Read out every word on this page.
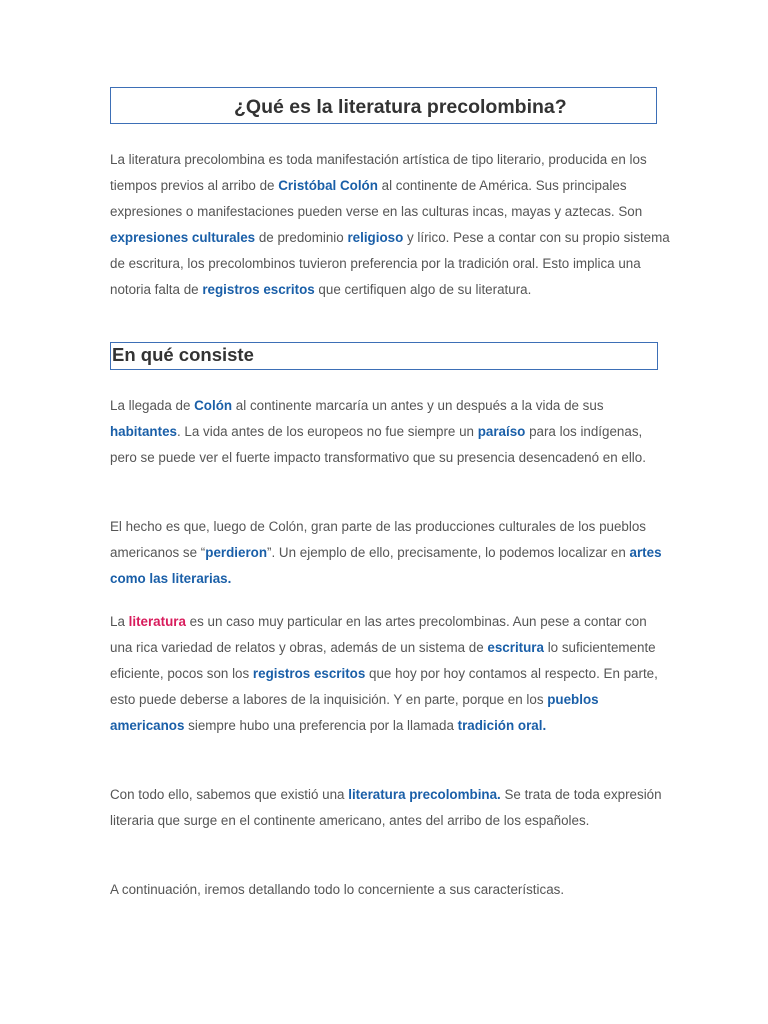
¿Qué es la literatura precolombina?

La literatura precolombina es toda manifestación artística de tipo literario, producida en los tiempos previos al arribo de Cristóbal Colón al continente de América. Sus principales expresiones o manifestaciones pueden verse en las culturas incas, mayas y aztecas. Son expresiones culturales de predominio religioso y lírico. Pese a contar con su propio sistema de escritura, los precolombinos tuvieron preferencia por la tradición oral. Esto implica una notoria falta de registros escritos que certifiquen algo de su literatura.

En qué consiste

La llegada de Colón al continente marcaría un antes y un después a la vida de sus habitantes. La vida antes de los europeos no fue siempre un paraíso para los indígenas, pero se puede ver el fuerte impacto transformativo que su presencia desencadenó en ello.

El hecho es que, luego de Colón, gran parte de las producciones culturales de los pueblos americanos se “perdieron”. Un ejemplo de ello, precisamente, lo podemos localizar en artes como las literarias.

La literatura es un caso muy particular en las artes precolombinas. Aun pese a contar con una rica variedad de relatos y obras, además de un sistema de escritura lo suficientemente eficiente, pocos son los registros escritos que hoy por hoy contamos al respecto. En parte, esto puede deberse a labores de la inquisición. Y en parte, porque en los pueblos americanos siempre hubo una preferencia por la llamada tradición oral.

Con todo ello, sabemos que existió una literatura precolombina. Se trata de toda expresión literaria que surge en el continente americano, antes del arribo de los españoles.

A continuación, iremos detallando todo lo concerniente a sus características.
